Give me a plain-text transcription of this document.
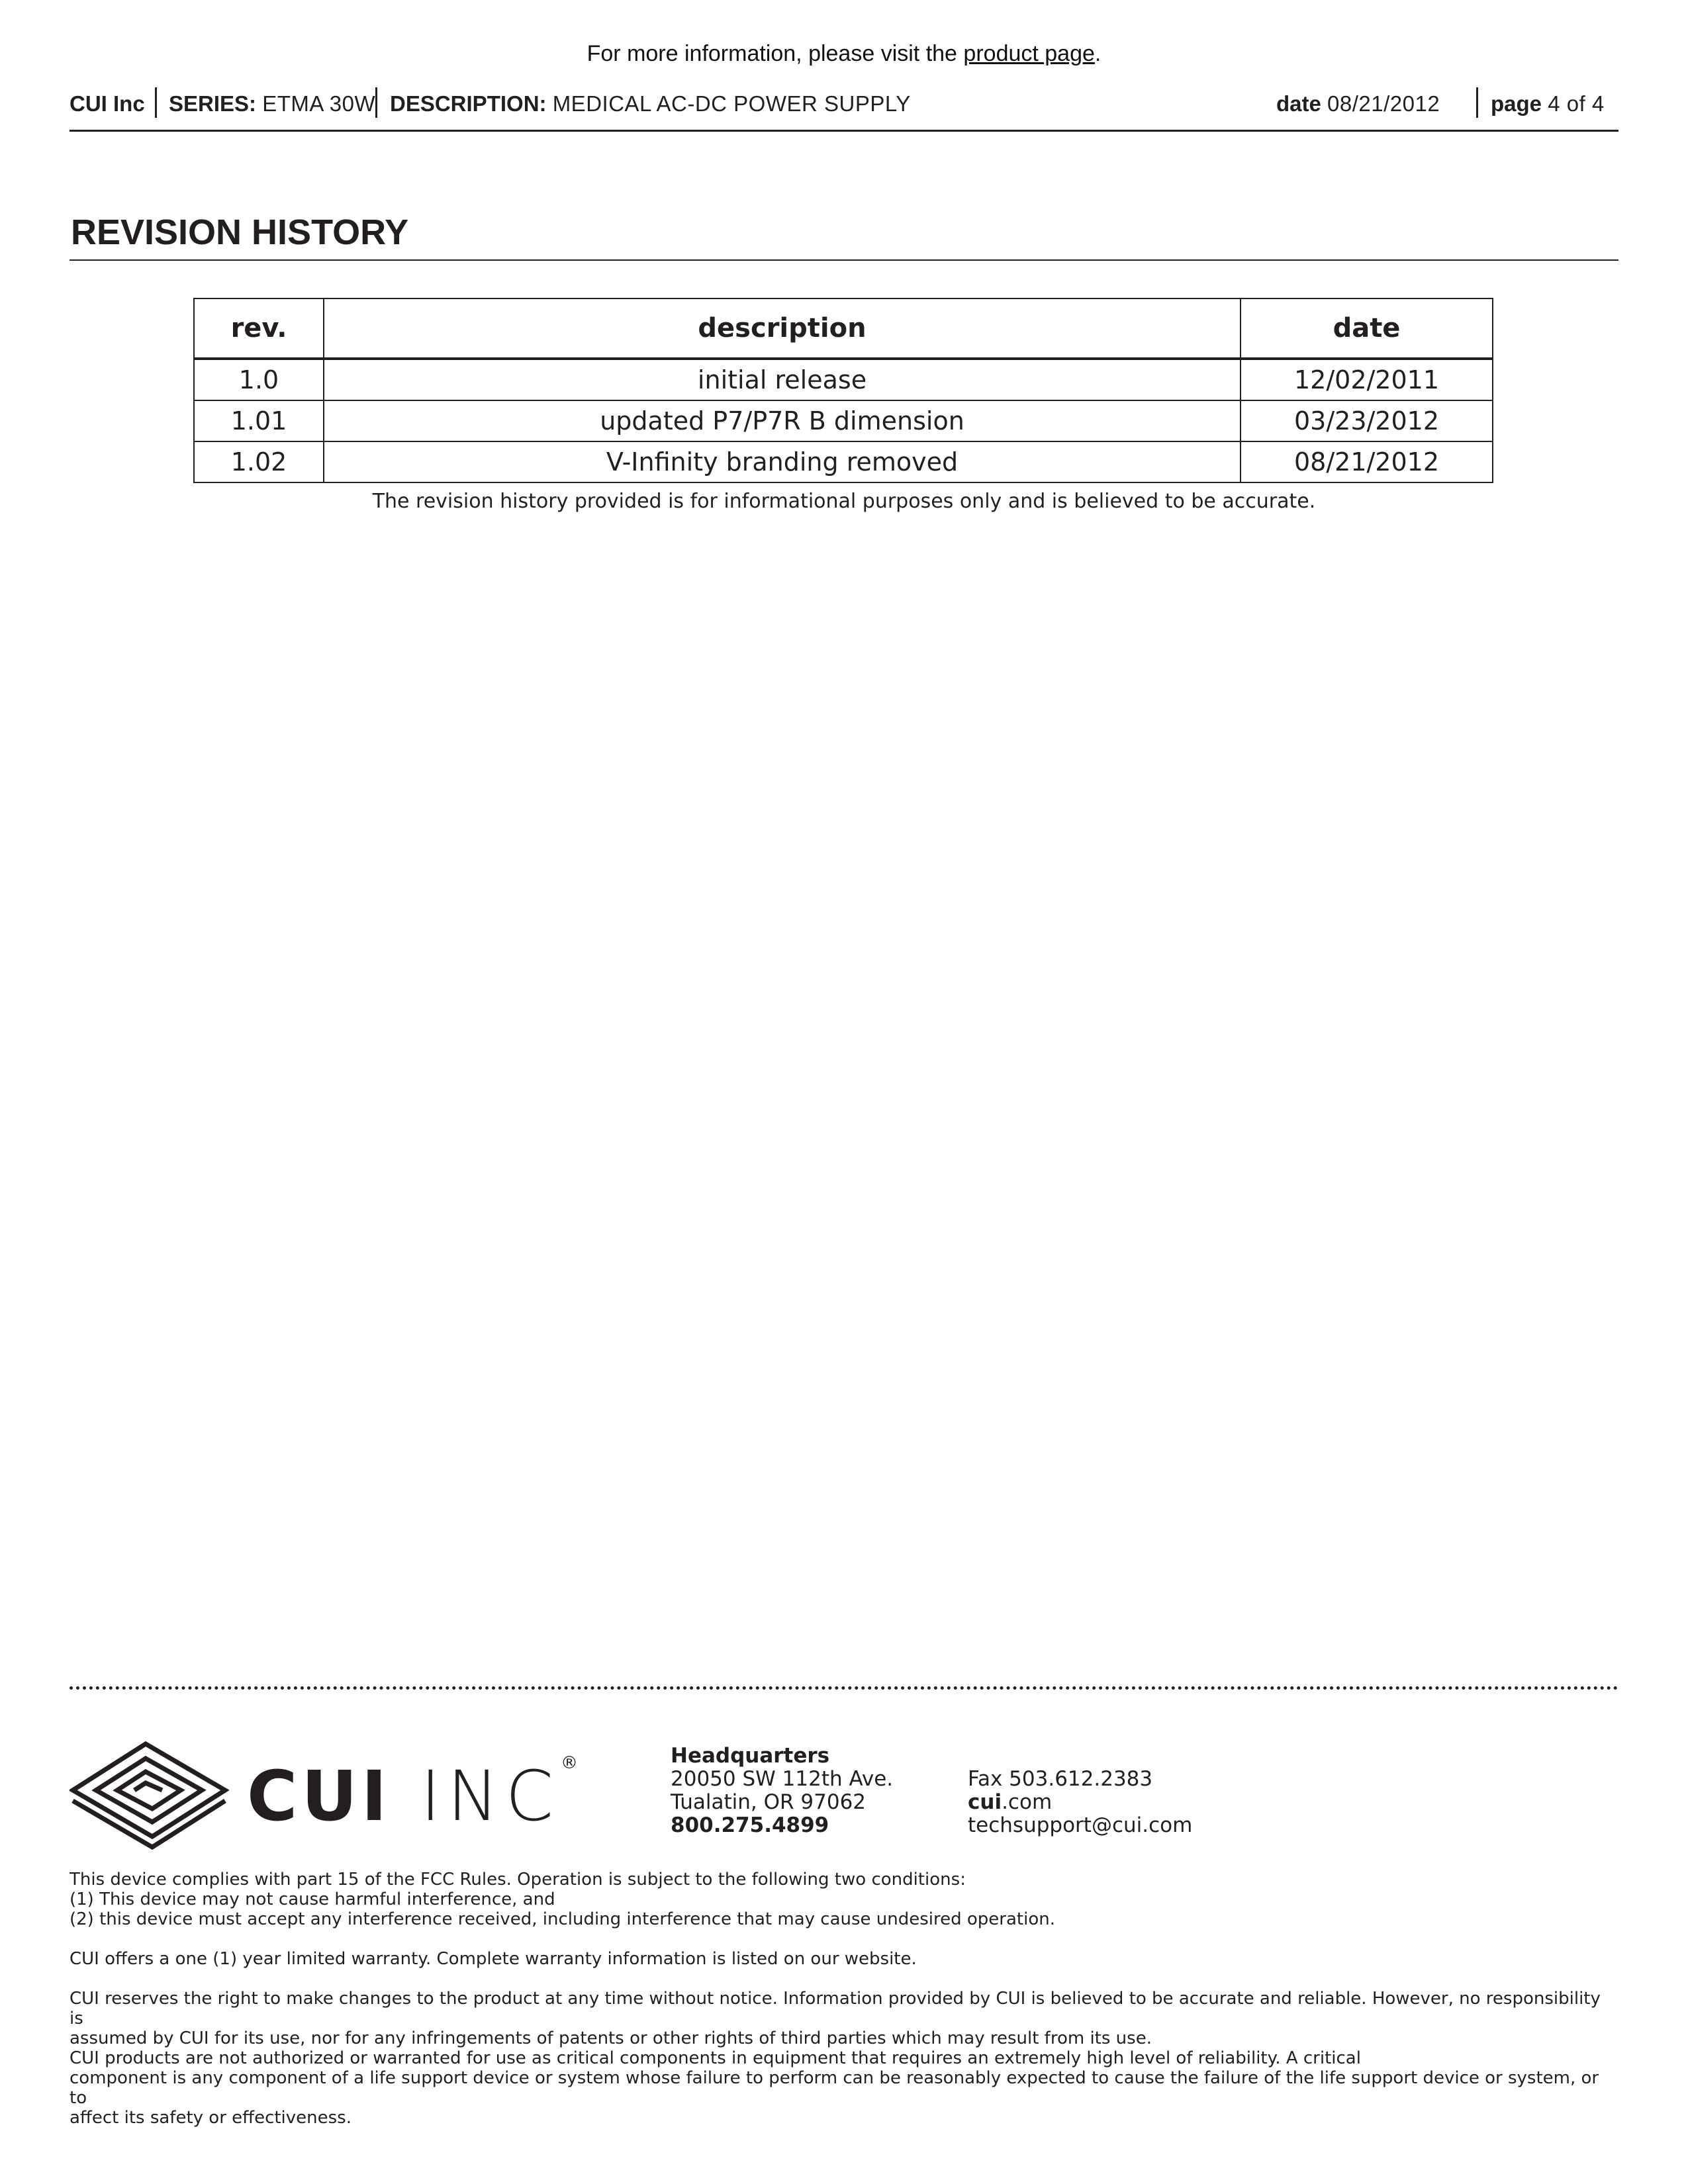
For more information, please visit the product page.
CUI Inc SERIES: ETMA 30W DESCRIPTION: MEDICAL AC-DC POWER SUPPLY	date 08/21/2012 page 4 of 4
REVISION HISTORY
rev.	description	date
1.0	initial release	12/02/2011
1.01	updated P7/P7R B dimension	03/23/2012
1.02	V-Infinity branding removed	08/21/2012
The revision history provided is for informational purposes only and is believed to be accurate.
CUI INC ®	Headquarters
20050 SW 112th Ave.
Tualatin, OR 97062
800.275.4899
Fax 503.612.2383
cui.com
techsupport@cui.com
This device complies with part 15 of the FCC Rules. Operation is subject to the following two conditions:
(1) This device may not cause harmful interference, and
(2) this device must accept any interference received, including interference that may cause undesired operation.
CUI offers a one (1) year limited warranty. Complete warranty information is listed on our website.
CUI reserves the right to make changes to the product at any time without notice. Information provided by CUI is believed to be accurate and reliable. However, no responsibility is
assumed by CUI for its use, nor for any infringements of patents or other rights of third parties which may result from its use.
CUI products are not authorized or warranted for use as critical components in equipment that requires an extremely high level of reliability. A critical
component is any component of a life support device or system whose failure to perform can be reasonably expected to cause the failure of the life support device or system, or to
affect its safety or effectiveness.
